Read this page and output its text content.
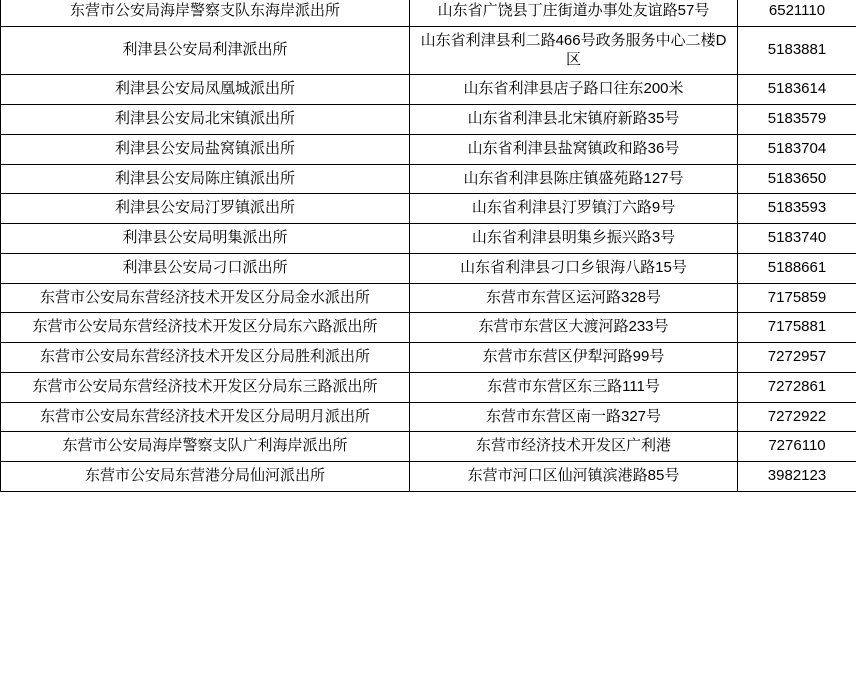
东营市公安局海岸警察支队东海岸派出所	山东省广饶县丁庄街道办事处友谊路57号	6521110
利津县公安局利津派出所	山东省利津县利二路466号政务服务中心二楼D区	5183881
利津县公安局凤凰城派出所	山东省利津县店子路口往东200米	5183614
利津县公安局北宋镇派出所	山东省利津县北宋镇府新路35号	5183579
利津县公安局盐窝镇派出所	山东省利津县盐窝镇政和路36号	5183704
利津县公安局陈庄镇派出所	山东省利津县陈庄镇盛苑路127号	5183650
利津县公安局汀罗镇派出所	山东省利津县汀罗镇汀六路9号	5183593
利津县公安局明集派出所	山东省利津县明集乡振兴路3号	5183740
利津县公安局刁口派出所	山东省利津县刁口乡银海八路15号	5188661
东营市公安局东营经济技术开发区分局金水派出所	东营市东营区运河路328号	7175859
东营市公安局东营经济技术开发区分局东六路派出所	东营市东营区大渡河路233号	7175881
东营市公安局东营经济技术开发区分局胜利派出所	东营市东营区伊犁河路99号	7272957
东营市公安局东营经济技术开发区分局东三路派出所	东营市东营区东三路111号	7272861
东营市公安局东营经济技术开发区分局明月派出所	东营市东营区南一路327号	7272922
东营市公安局海岸警察支队广利海岸派出所	东营市经济技术开发区广利港	7276110
东营市公安局东营港分局仙河派出所	东营市河口区仙河镇滨港路85号	3982123
